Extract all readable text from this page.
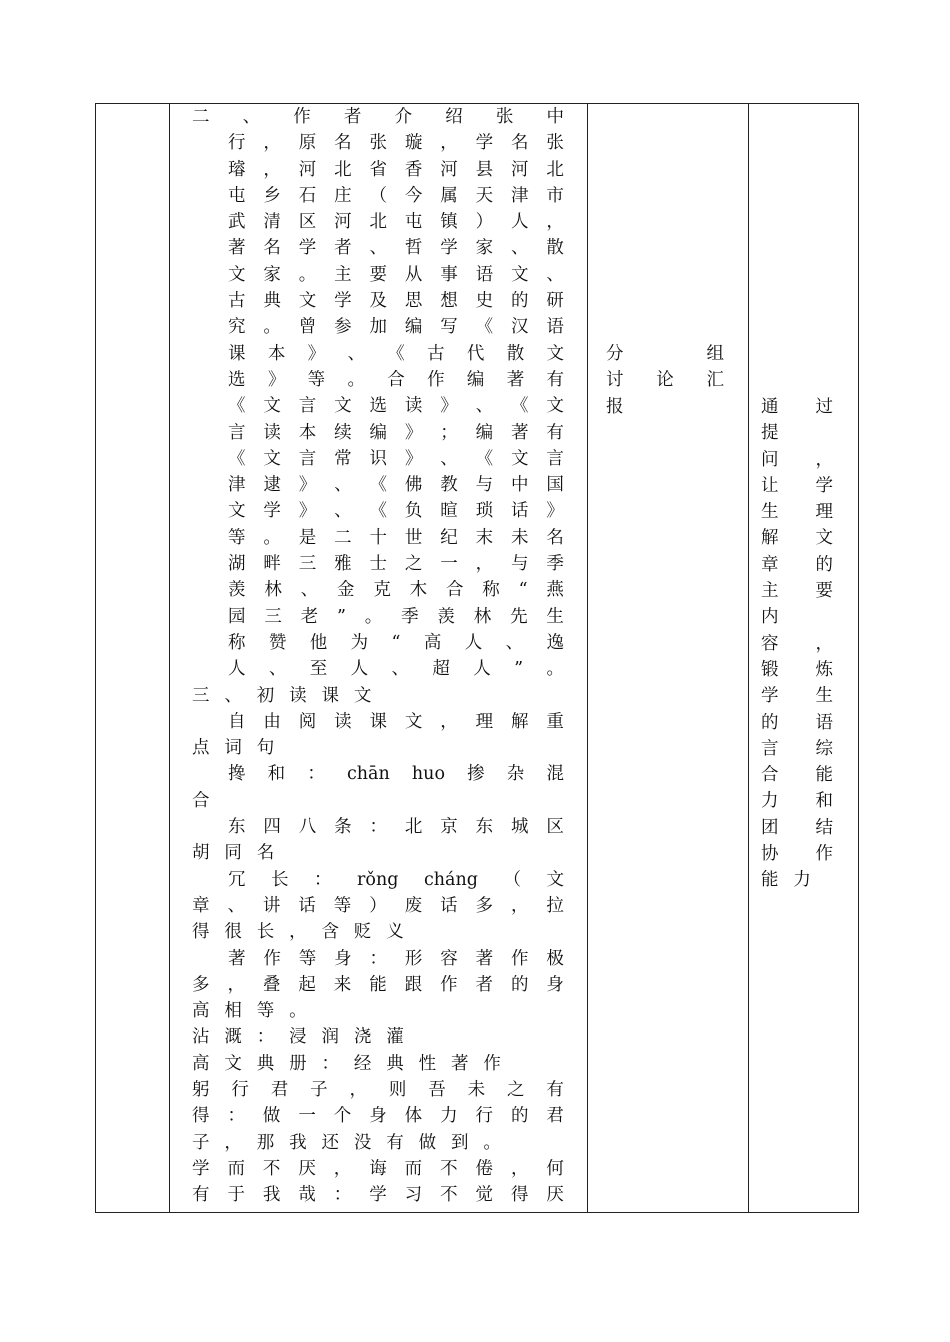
二 、 作 者 介 绍 张 中
行 ， 原 名 张 璇 ， 学 名 张
璿 ， 河 北 省 香 河 县 河 北
屯 乡 石 庄 （ 今 属 天 津 市
武 清 区 河 北 屯 镇 ） 人 ，
著 名 学 者 、 哲 学 家 、 散
文 家 。 主 要 从 事 语 文 、
古 典 文 学 及 思 想 史 的 研
究 。 曾 参 加 编 写 《 汉 语
课 本 》 、 《 古 代 散 文
选 》 等 。 合 作 编 著 有
《 文 言 文 选 读 》 、 《 文
言 读 本 续 编 》 ； 编 著 有
《 文 言 常 识 》 、 《 文 言
津 逮 》 、 《 佛 教 与 中 国
文 学 》 、 《 负 暄 琐 话 》
等 。 是 二 十 世 纪 末 未 名
湖 畔 三 雅 士 之 一 ， 与 季
羡 林 、 金 克 木 合 称 “ 燕
园 三 老 ” 。 季 羡 林 先 生
称 赞 他 为 “ 高 人 、 逸
人 、 至 人 、 超 人 ” 。
三 、 初 读 课 文
自 由 阅 读 课 文 ， 理 解 重
点 词 句
搀 和 ： chān huo 掺 杂 混
合
东 四 八 条 ： 北 京 东 城 区
胡 同 名
冗 长 ： rǒng cháng （ 文
章 、 讲 话 等 ） 废 话 多 ， 拉
得 很 长 ， 含 贬 义
著 作 等 身 ： 形 容 著 作 极
多 ， 叠 起 来 能 跟 作 者 的 身
高 相 等 。
沾 溉 ： 浸 润 浇 灌
高 文 典 册 ： 经 典 性 著 作
躬 行 君 子 ， 则 吾 未 之 有
得 ： 做 一 个 身 体 力 行 的 君
子 ， 那 我 还 没 有 做 到 。
学 而 不 厌 ， 诲 而 不 倦 ， 何
有 于 我 哉 ： 学 习 不 觉 得 厌
分	组
讨 论 汇
报	通 过
提
问 ，
让 学
生 理
解 文
章 的
主 要
内
容 ，
锻 炼
学 生
的 语
言 综
合 能
力 和
团 结
协 作
能 力
